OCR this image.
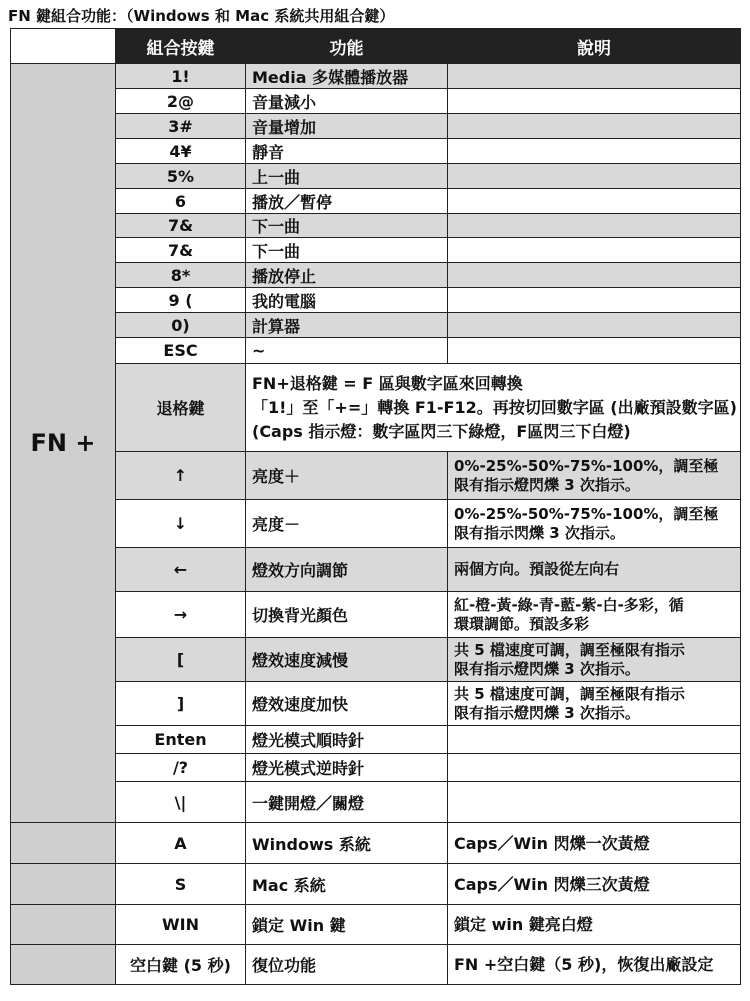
FN 鍵組合功能：（Windows 和 Mac 系統共用組合鍵）
	組合按鍵	功能	說明
FN +	1!	Media 多媒體播放器	
	2@	音量減小	
	3#	音量增加	
	4¥	靜音	
	5%	上一曲	
	6	播放／暫停	
	7&	下一曲	
	7&	下一曲	
	8*	播放停止	
	9 (	我的電腦	
	0)	計算器	
	ESC	~	
	退格鍵	FN+退格鍵 = F 區與數字區來回轉換
「1!」至「+=」轉換 F1-F12。再按切回數字區 (出廠預設數字區)
(Caps 指示燈：數字區閃三下綠燈，F區閃三下白燈)	

	↑	亮度＋	0%-25%-50%-75%-100%，調至極
限有指示燈閃爍 3 次指示。

	↓	亮度－	0%-25%-50%-75%-100%，調至極
限有指示閃爍 3 次指示。

	←	燈效方向調節	兩個方向。預設從左向右

	→	切換背光顏色	紅-橙-黃-綠-青-藍-紫-白-多彩，循
環環調節。預設多彩

	[	燈效速度減慢	共 5 檔速度可調，調至極限有指示
限有指示燈閃爍 3 次指示。

	]	燈效速度加快	共 5 檔速度可調，調至極限有指示
限有指示燈閃爍 3 次指示。

	Enten	燈光模式順時針	
	/?	燈光模式逆時針	
	\|	一鍵開燈／關燈	
	A	Windows 系統	Caps／Win 閃爍一次黃燈
	S	Mac 系統	Caps／Win 閃爍三次黃燈
	WIN	鎖定 Win 鍵	鎖定 win 鍵亮白燈
	空白鍵 (5 秒)	復位功能	FN +空白鍵（5 秒)，恢復出廠設定
